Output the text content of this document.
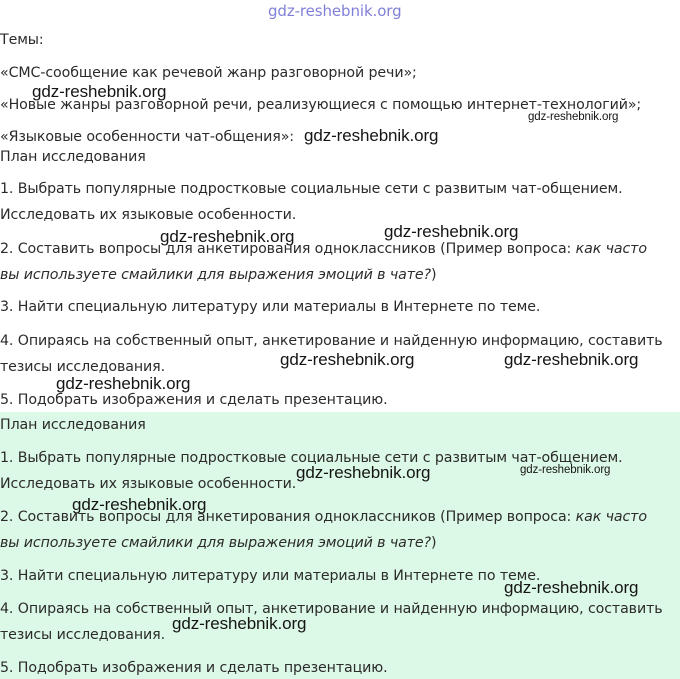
gdz-reshebnik.org
Темы:
«СМС-сообщение как речевой жанр разговорной речи»;
«Новые жанры разговорной речи, реализующиеся с помощью интернет-технологий»;
«Языковые особенности чат-общения»:
План исследования
1. Выбрать популярные подростковые социальные сети с развитым чат-общением.
Исследовать их языковые особенности.
2. Составить вопросы для анкетирования одноклассников (Пример вопроса: как часто
вы используете смайлики для выражения эмоций в чате?)
3. Найти специальную литературу или материалы в Интернете по теме.
4. Опираясь на собственный опыт, анкетирование и найденную информацию, составить
тезисы исследования.
5. Подобрать изображения и сделать презентацию.
План исследования
1. Выбрать популярные подростковые социальные сети с развитым чат-общением.
Исследовать их языковые особенности.
2. Составить вопросы для анкетирования одноклассников (Пример вопроса: как часто
вы используете смайлики для выражения эмоций в чате?)
3. Найти специальную литературу или материалы в Интернете по теме.
4. Опираясь на собственный опыт, анкетирование и найденную информацию, составить
тезисы исследования.
5. Подобрать изображения и сделать презентацию.
gdz-reshebnik.org
gdz-reshebnik.org
gdz-reshebnik.org
gdz-reshebnik.org
gdz-reshebnik.org
gdz-reshebnik.org	gdz-reshebnik.org
gdz-reshebnik.org
gdz-reshebnik.org	gdz-reshebnik.org
gdz-reshebnik.org
gdz-reshebnik.org
gdz-reshebnik.org
